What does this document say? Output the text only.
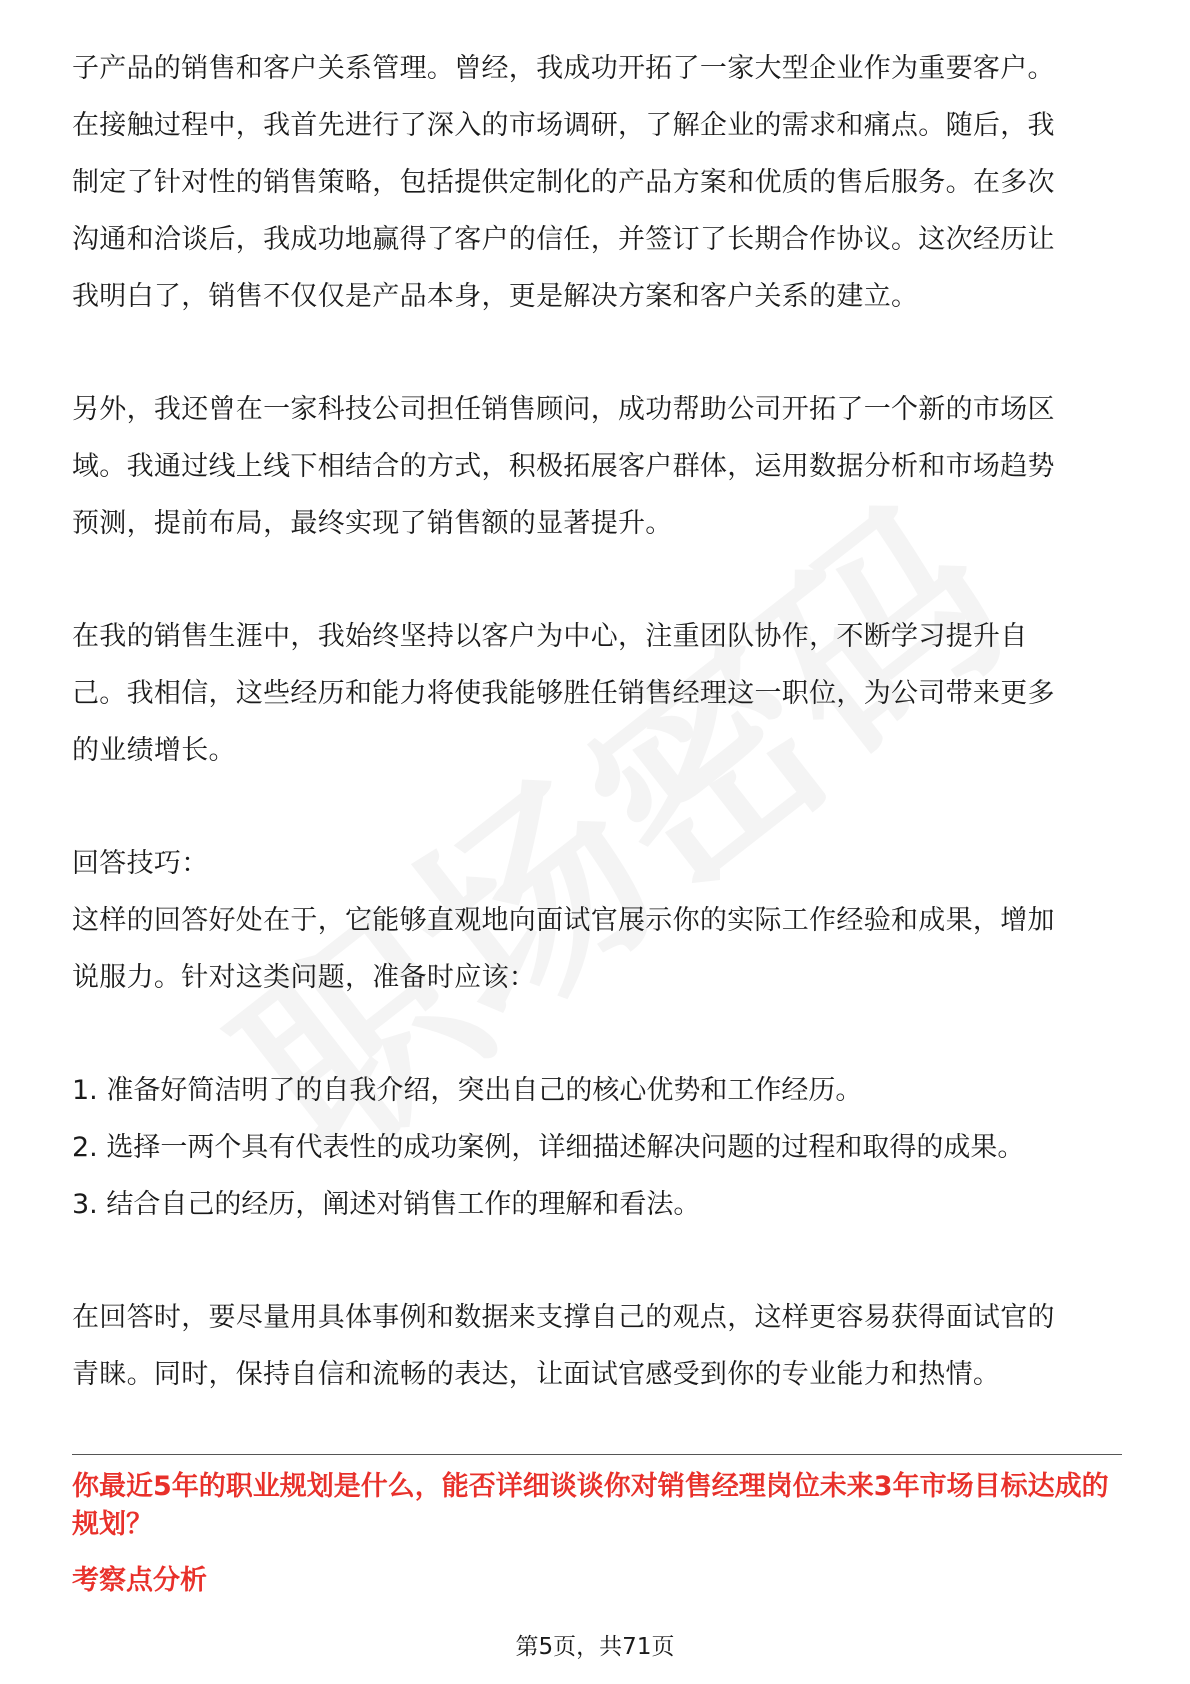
子产品的销售和客户关系管理。曾经，我成功开拓了一家大型企业作为重要客户。

在接触过程中，我首先进行了深入的市场调研，了解企业的需求和痛点。随后，我

制定了针对性的销售策略，包括提供定制化的产品方案和优质的售后服务。在多次

沟通和洽谈后，我成功地赢得了客户的信任，并签订了长期合作协议。这次经历让

我明白了，销售不仅仅是产品本身，更是解决方案和客户关系的建立。

另外，我还曾在一家科技公司担任销售顾问，成功帮助公司开拓了一个新的市场区

域。我通过线上线下相结合的方式，积极拓展客户群体，运用数据分析和市场趋势

预测，提前布局，最终实现了销售额的显著提升。

在我的销售生涯中，我始终坚持以客户为中心，注重团队协作，不断学习提升自

己。我相信，这些经历和能力将使我能够胜任销售经理这一职位，为公司带来更多

的业绩增长。

回答技巧：

这样的回答好处在于，它能够直观地向面试官展示你的实际工作经验和成果，增加

说服力。针对这类问题，准备时应该：

1. 准备好简洁明了的自我介绍，突出自己的核心优势和工作经历。

2. 选择一两个具有代表性的成功案例，详细描述解决问题的过程和取得的成果。

3. 结合自己的经历，阐述对销售工作的理解和看法。

在回答时，要尽量用具体事例和数据来支撑自己的观点，这样更容易获得面试官的

青睐。同时，保持自信和流畅的表达，让面试官感受到你的专业能力和热情。

你最近5年的职业规划是什么，能否详细谈谈你对销售经理岗位未来3年市场目标达成的规划？

考察点分析

第5页，共71页
